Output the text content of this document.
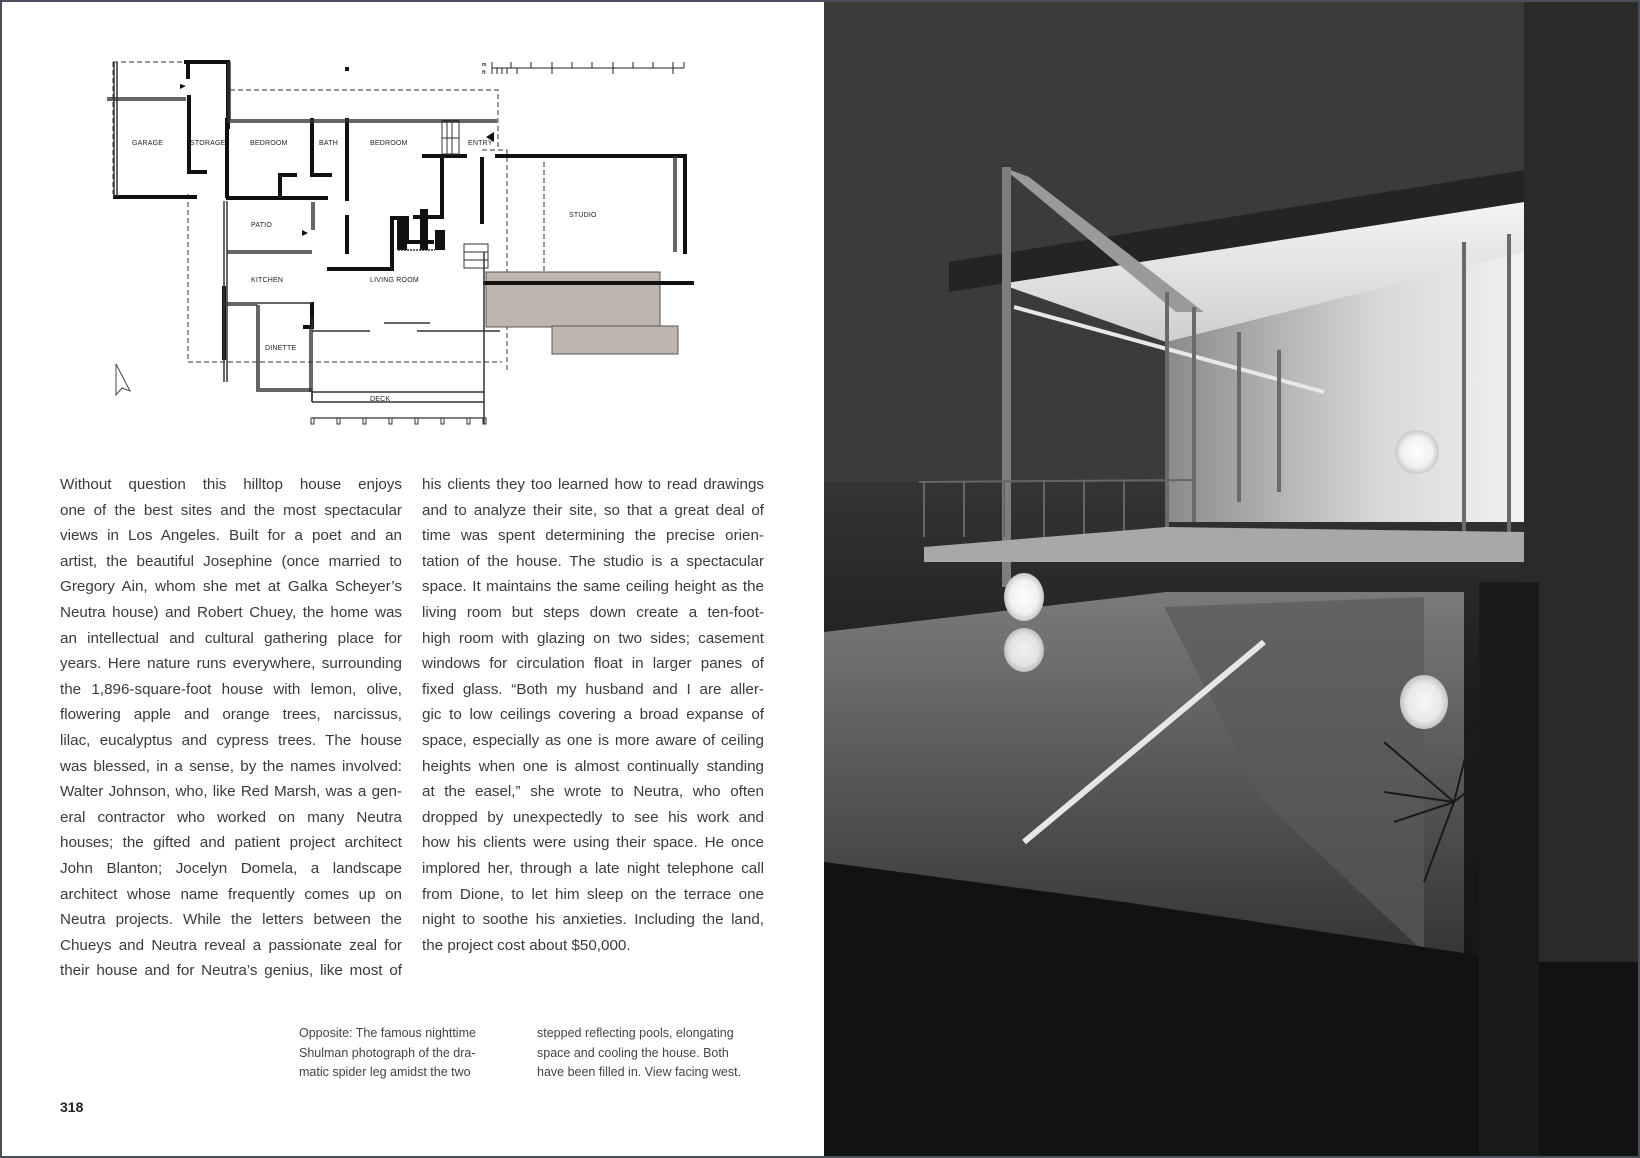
m
ft
GARAGE	STORAGE	BEDROOM	BATH	BEDROOM	ENTRY
STUDIO
PATIO
KITCHEN	LIVING ROOM
DINETTE
DECK
Without question this hilltop house enjoys
one of the best sites and the most spectacular
views in Los Angeles. Built for a poet and an
artist, the beautiful Josephine (once married to
Gregory Ain, whom she met at Galka Scheyer’s
Neutra house) and Robert Chuey, the home was
an intellectual and cultural gathering place for
years. Here nature runs everywhere, surrounding
the 1,896-square-foot house with lemon, olive,
flowering apple and orange trees, narcissus,
lilac, eucalyptus and cypress trees. The house
was blessed, in a sense, by the names involved:
Walter Johnson, who, like Red Marsh, was a gen-
eral contractor who worked on many Neutra
houses; the gifted and patient project architect
John Blanton; Jocelyn Domela, a landscape
architect whose name frequently comes up on
Neutra projects. While the letters between the
Chueys and Neutra reveal a passionate zeal for
their house and for Neutra’s genius, like most of
his clients they too learned how to read drawings
and to analyze their site, so that a great deal of
time was spent determining the precise orien-
tation of the house. The studio is a spectacular
space. It maintains the same ceiling height as the
living room but steps down create a ten-foot-
high room with glazing on two sides; casement
windows for circulation float in larger panes of
fixed glass. “Both my husband and I are aller-
gic to low ceilings covering a broad expanse of
space, especially as one is more aware of ceiling
heights when one is almost continually standing
at the easel,” she wrote to Neutra, who often
dropped by unexpectedly to see his work and
how his clients were using their space. He once
implored her, through a late night telephone call
from Dione, to let him sleep on the terrace one
night to soothe his anxieties. Including the land,
the project cost about $50,000.
Opposite: The famous nighttime
Shulman photograph of the dra-
matic spider leg amidst the two
stepped reflecting pools, elongating
space and cooling the house. Both
have been filled in. View facing west.
318
